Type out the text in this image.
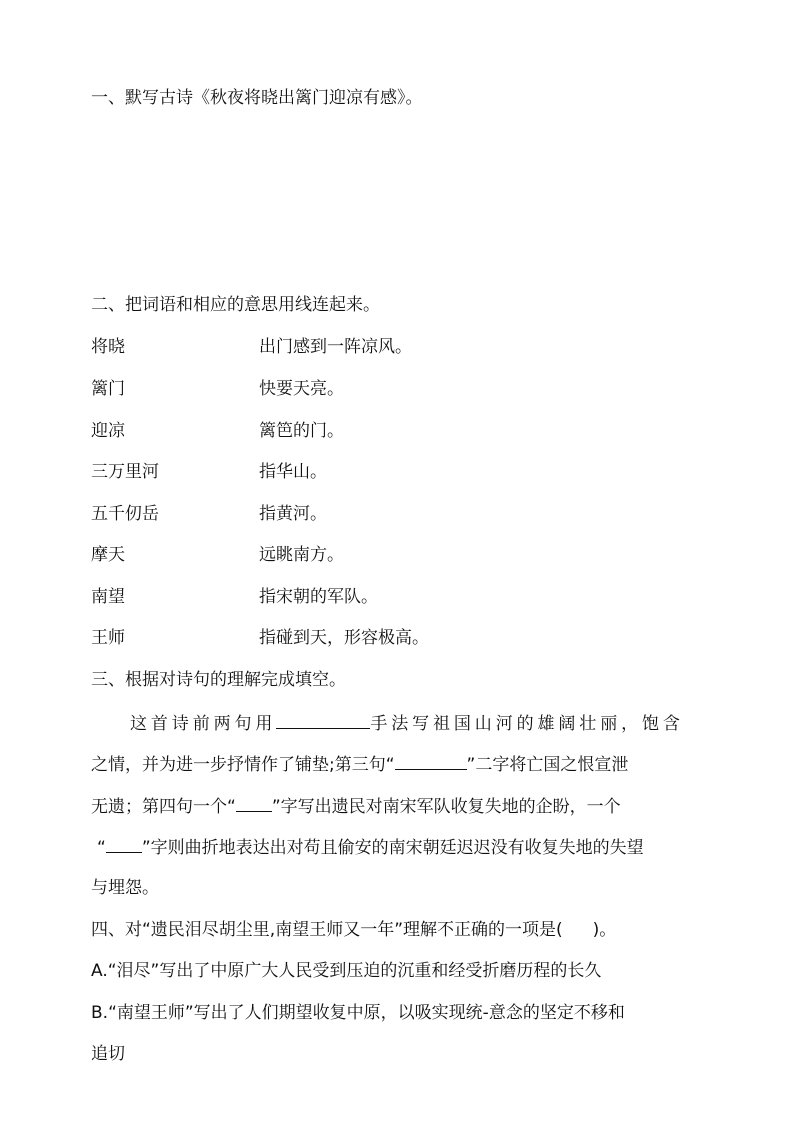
一、默写古诗《秋夜将晓出篱门迎凉有感》。
二、把词语和相应的意思用线连起来。
将晓	出门感到一阵凉风。
篱门	快要天亮。
迎凉	篱笆的门。
三万里河	指华山。
五千仞岳	指黄河。
摩天	远眺南方。
南望	指宋朝的军队。
王师	指碰到天，形容极高。
三、根据对诗句的理解完成填空。
这首诗前两句用	手法写祖国山河的雄阔壮丽，饱含
之情，并为进一步抒情作了铺垫;第三句“	”二字将亡国之恨宣泄
无遗；第四句一个“ ”字写出遗民对南宋军队收复失地的企盼，一个
“ ”字则曲折地表达出对苟且偷安的南宋朝廷迟迟没有收复失地的失望
与埋怨。
四、对“遗民泪尽胡尘里,南望王师又一年”理解不正确的一项是( )。
A.“泪尽”写出了中原广大人民受到压迫的沉重和经受折磨历程的长久
B.“南望王师”写出了人们期望收复中原，以吸实现统-意念的坚定不移和
追切
